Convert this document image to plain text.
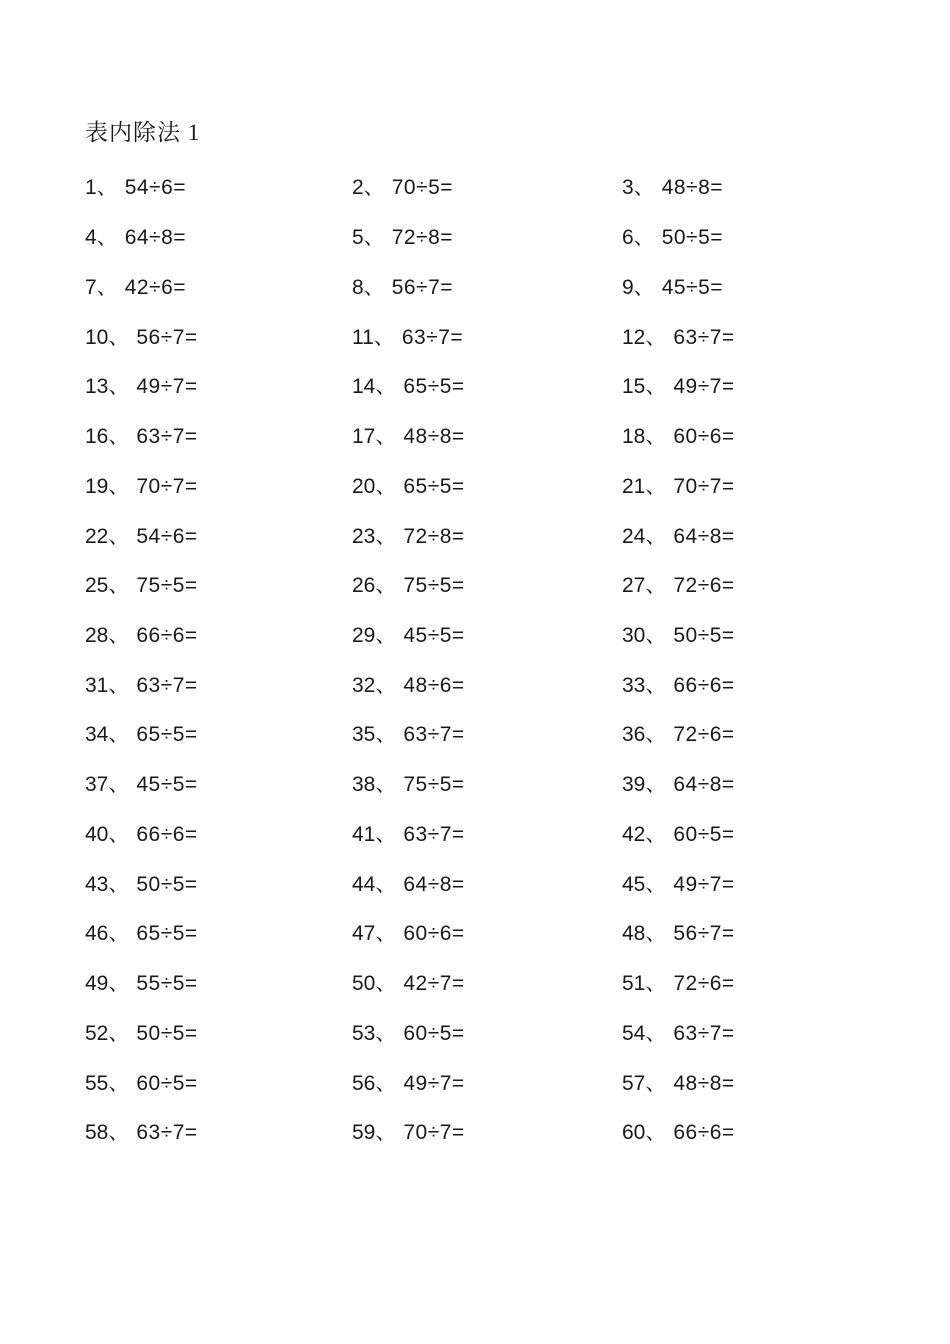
表内除法 1
1、 54÷6=	2、 70÷5=	3、 48÷8=
4、 64÷8=	5、 72÷8=	6、 50÷5=
7、 42÷6=	8、 56÷7=	9、 45÷5=
10、 56÷7=	11、 63÷7=	12、 63÷7=
13、 49÷7=	14、 65÷5=	15、 49÷7=
16、 63÷7=	17、 48÷8=	18、 60÷6=
19、 70÷7=	20、 65÷5=	21、 70÷7=
22、 54÷6=	23、 72÷8=	24、 64÷8=
25、 75÷5=	26、 75÷5=	27、 72÷6=
28、 66÷6=	29、 45÷5=	30、 50÷5=
31、 63÷7=	32、 48÷6=	33、 66÷6=
34、 65÷5=	35、 63÷7=	36、 72÷6=
37、 45÷5=	38、 75÷5=	39、 64÷8=
40、 66÷6=	41、 63÷7=	42、 60÷5=
43、 50÷5=	44、 64÷8=	45、 49÷7=
46、 65÷5=	47、 60÷6=	48、 56÷7=
49、 55÷5=	50、 42÷7=	51、 72÷6=
52、 50÷5=	53、 60÷5=	54、 63÷7=
55、 60÷5=	56、 49÷7=	57、 48÷8=
58、 63÷7=	59、 70÷7=	60、 66÷6=
